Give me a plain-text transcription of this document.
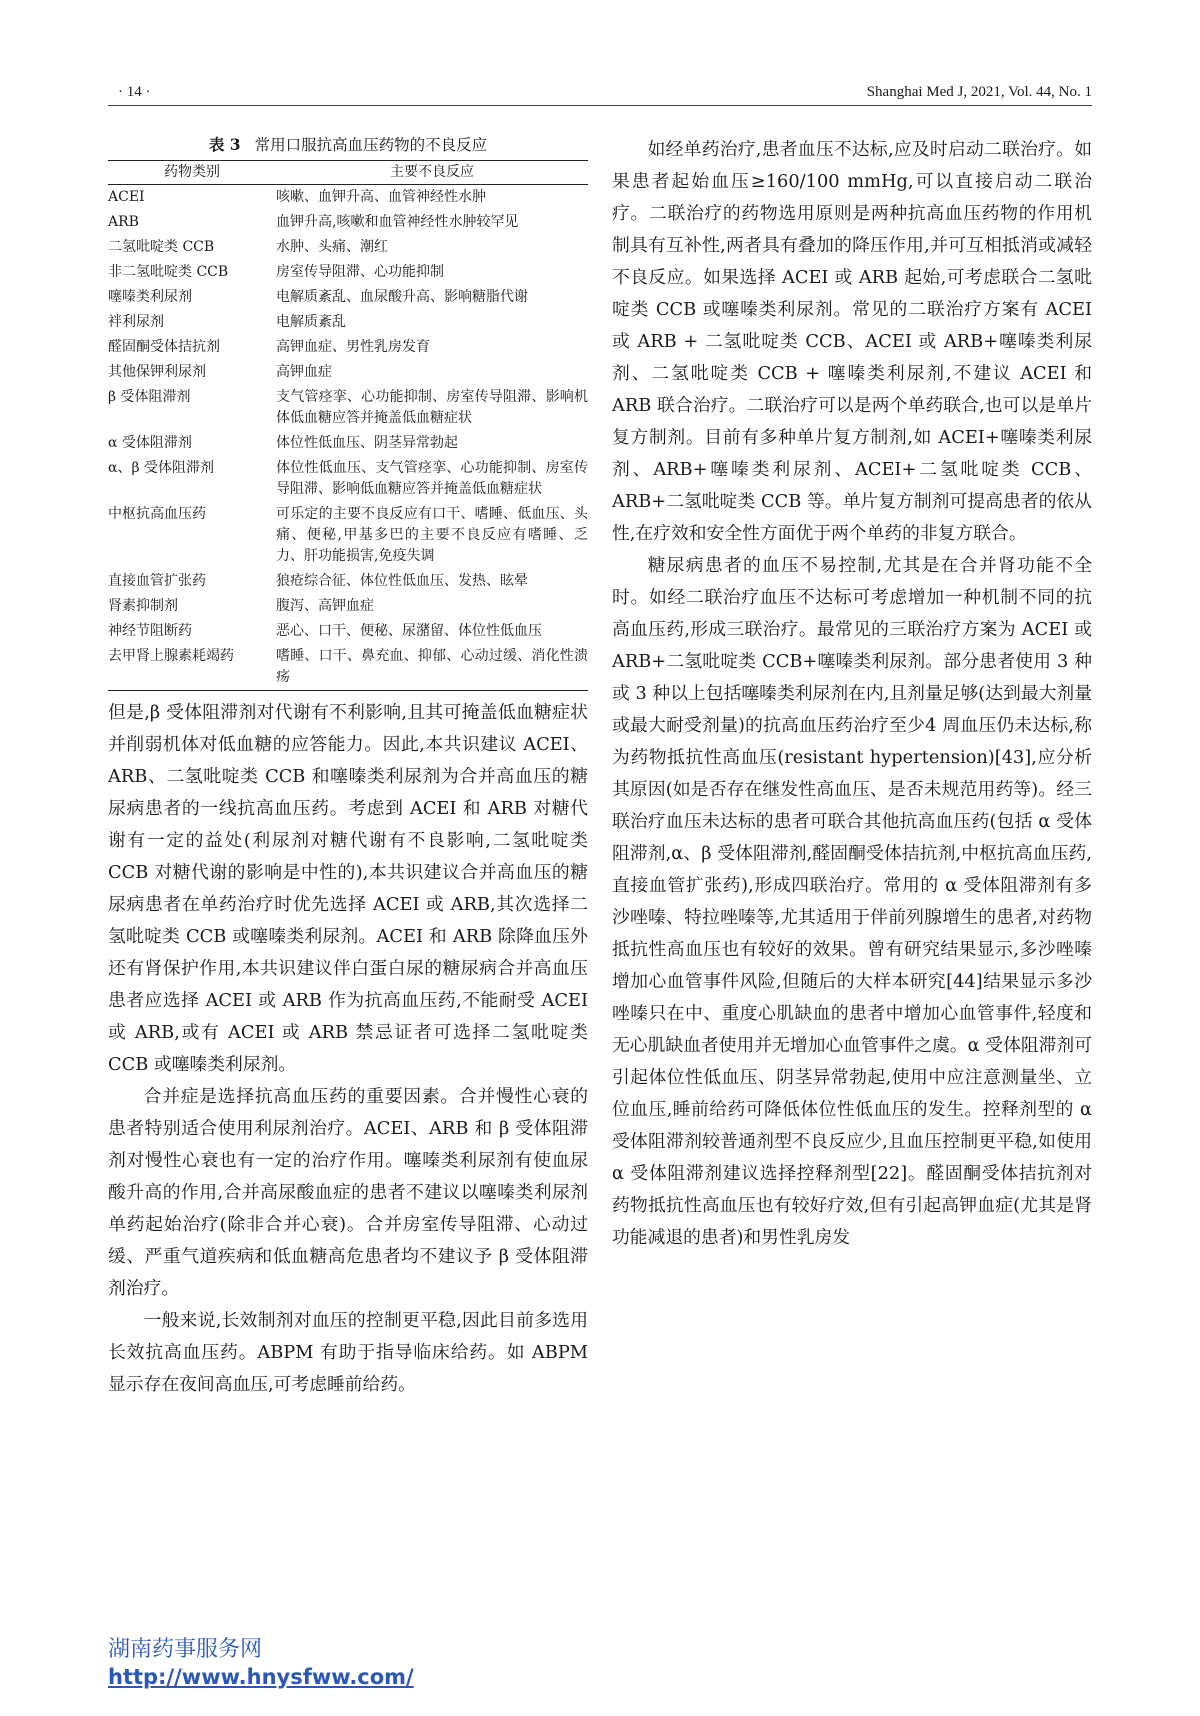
· 14 ·	Shanghai Med J, 2021, Vol. 44, No. 1
表 3 常用口服抗高血压药物的不良反应
药物类别	主要不良反应
ACEI	咳嗽、血钾升高、血管神经性水肿
ARB	血钾升高,咳嗽和血管神经性水肿较罕见
二氢吡啶类 CCB	水肿、头痛、潮红
非二氢吡啶类 CCB	房室传导阻滞、心功能抑制
噻嗪类利尿剂	电解质紊乱、血尿酸升高、影响糖脂代谢
袢利尿剂	电解质紊乱
醛固酮受体拮抗剂	高钾血症、男性乳房发育
其他保钾利尿剂	高钾血症
β 受体阻滞剂	支气管痉挛、心功能抑制、房室传导阻滞、影响机体低血糖应答并掩盖低血糖症状
α 受体阻滞剂	体位性低血压、阴茎异常勃起
α、β 受体阻滞剂	体位性低血压、支气管痉挛、心功能抑制、房室传导阻滞、影响低血糖应答并掩盖低血糖症状
中枢抗高血压药	可乐定的主要不良反应有口干、嗜睡、低血压、头痛、便秘,甲基多巴的主要不良反应有嗜睡、乏力、肝功能损害,免疫失调
直接血管扩张药	狼疮综合征、体位性低血压、发热、眩晕
肾素抑制剂	腹泻、高钾血症
神经节阻断药	恶心、口干、便秘、尿潴留、体位性低血压
去甲肾上腺素耗竭药	嗜睡、口干、鼻充血、抑郁、心动过缓、消化性溃疡

但是,β 受体阻滞剂对代谢有不利影响,且其可掩盖低血糖症状并削弱机体对低血糖的应答能力。因此,本共识建议 ACEI、ARB、二氢吡啶类 CCB 和噻嗪类利尿剂为合并高血压的糖尿病患者的一线抗高血压药。考虑到 ACEI 和 ARB 对糖代谢有一定的益处(利尿剂对糖代谢有不良影响,二氢吡啶类 CCB 对糖代谢的影响是中性的),本共识建议合并高血压的糖尿病患者在单药治疗时优先选择 ACEI 或 ARB,其次选择二氢吡啶类 CCB 或噻嗪类利尿剂。ACEI 和 ARB 除降血压外还有肾保护作用,本共识建议伴白蛋白尿的糖尿病合并高血压患者应选择 ACEI 或 ARB 作为抗高血压药,不能耐受 ACEI 或 ARB,或有 ACEI 或 ARB 禁忌证者可选择二氢吡啶类 CCB 或噻嗪类利尿剂。

合并症是选择抗高血压药的重要因素。合并慢性心衰的患者特别适合使用利尿剂治疗。ACEI、ARB 和 β 受体阻滞剂对慢性心衰也有一定的治疗作用。噻嗪类利尿剂有使血尿酸升高的作用,合并高尿酸血症的患者不建议以噻嗪类利尿剂单药起始治疗(除非合并心衰)。合并房室传导阻滞、心动过缓、严重气道疾病和低血糖高危患者均不建议予 β 受体阻滞剂治疗。

一般来说,长效制剂对血压的控制更平稳,因此目前多选用长效抗高血压药。ABPM 有助于指导临床给药。如 ABPM 显示存在夜间高血压,可考虑睡前给药。

如经单药治疗,患者血压不达标,应及时启动二联治疗。如果患者起始血压≥160/100 mmHg,可以直接启动二联治疗。二联治疗的药物选用原则是两种抗高血压药物的作用机制具有互补性,两者具有叠加的降压作用,并可互相抵消或减轻不良反应。如果选择 ACEI 或 ARB 起始,可考虑联合二氢吡啶类 CCB 或噻嗪类利尿剂。常见的二联治疗方案有 ACEI 或 ARB + 二氢吡啶类 CCB、ACEI 或 ARB+噻嗪类利尿剂、二氢吡啶类 CCB + 噻嗪类利尿剂,不建议 ACEI 和 ARB 联合治疗。二联治疗可以是两个单药联合,也可以是单片复方制剂。目前有多种单片复方制剂,如 ACEI+噻嗪类利尿剂、ARB+噻嗪类利尿剂、ACEI+二氢吡啶类 CCB、ARB+二氢吡啶类 CCB 等。单片复方制剂可提高患者的依从性,在疗效和安全性方面优于两个单药的非复方联合。

糖尿病患者的血压不易控制,尤其是在合并肾功能不全时。如经二联治疗血压不达标可考虑增加一种机制不同的抗高血压药,形成三联治疗。最常见的三联治疗方案为 ACEI 或 ARB+二氢吡啶类 CCB+噻嗪类利尿剂。部分患者使用 3 种或 3 种以上包括噻嗪类利尿剂在内,且剂量足够(达到最大剂量或最大耐受剂量)的抗高血压药治疗至少4 周血压仍未达标,称为药物抵抗性高血压(resistant hypertension)[43],应分析其原因(如是否存在继发性高血压、是否未规范用药等)。经三联治疗血压未达标的患者可联合其他抗高血压药(包括 α 受体阻滞剂,α、β 受体阻滞剂,醛固酮受体拮抗剂,中枢抗高血压药,直接血管扩张药),形成四联治疗。常用的 α 受体阻滞剂有多沙唑嗪、特拉唑嗪等,尤其适用于伴前列腺增生的患者,对药物抵抗性高血压也有较好的效果。曾有研究结果显示,多沙唑嗪增加心血管事件风险,但随后的大样本研究[44]结果显示多沙唑嗪只在中、重度心肌缺血的患者中增加心血管事件,轻度和无心肌缺血者使用并无增加心血管事件之虞。α 受体阻滞剂可引起体位性低血压、阴茎异常勃起,使用中应注意测量坐、立位血压,睡前给药可降低体位性低血压的发生。控释剂型的 α 受体阻滞剂较普通剂型不良反应少,且血压控制更平稳,如使用 α 受体阻滞剂建议选择控释剂型[22]。醛固酮受体拮抗剂对药物抵抗性高血压也有较好疗效,但有引起高钾血症(尤其是肾功能减退的患者)和男性乳房发

湖南药事服务网
http://www.hnysfww.com/
